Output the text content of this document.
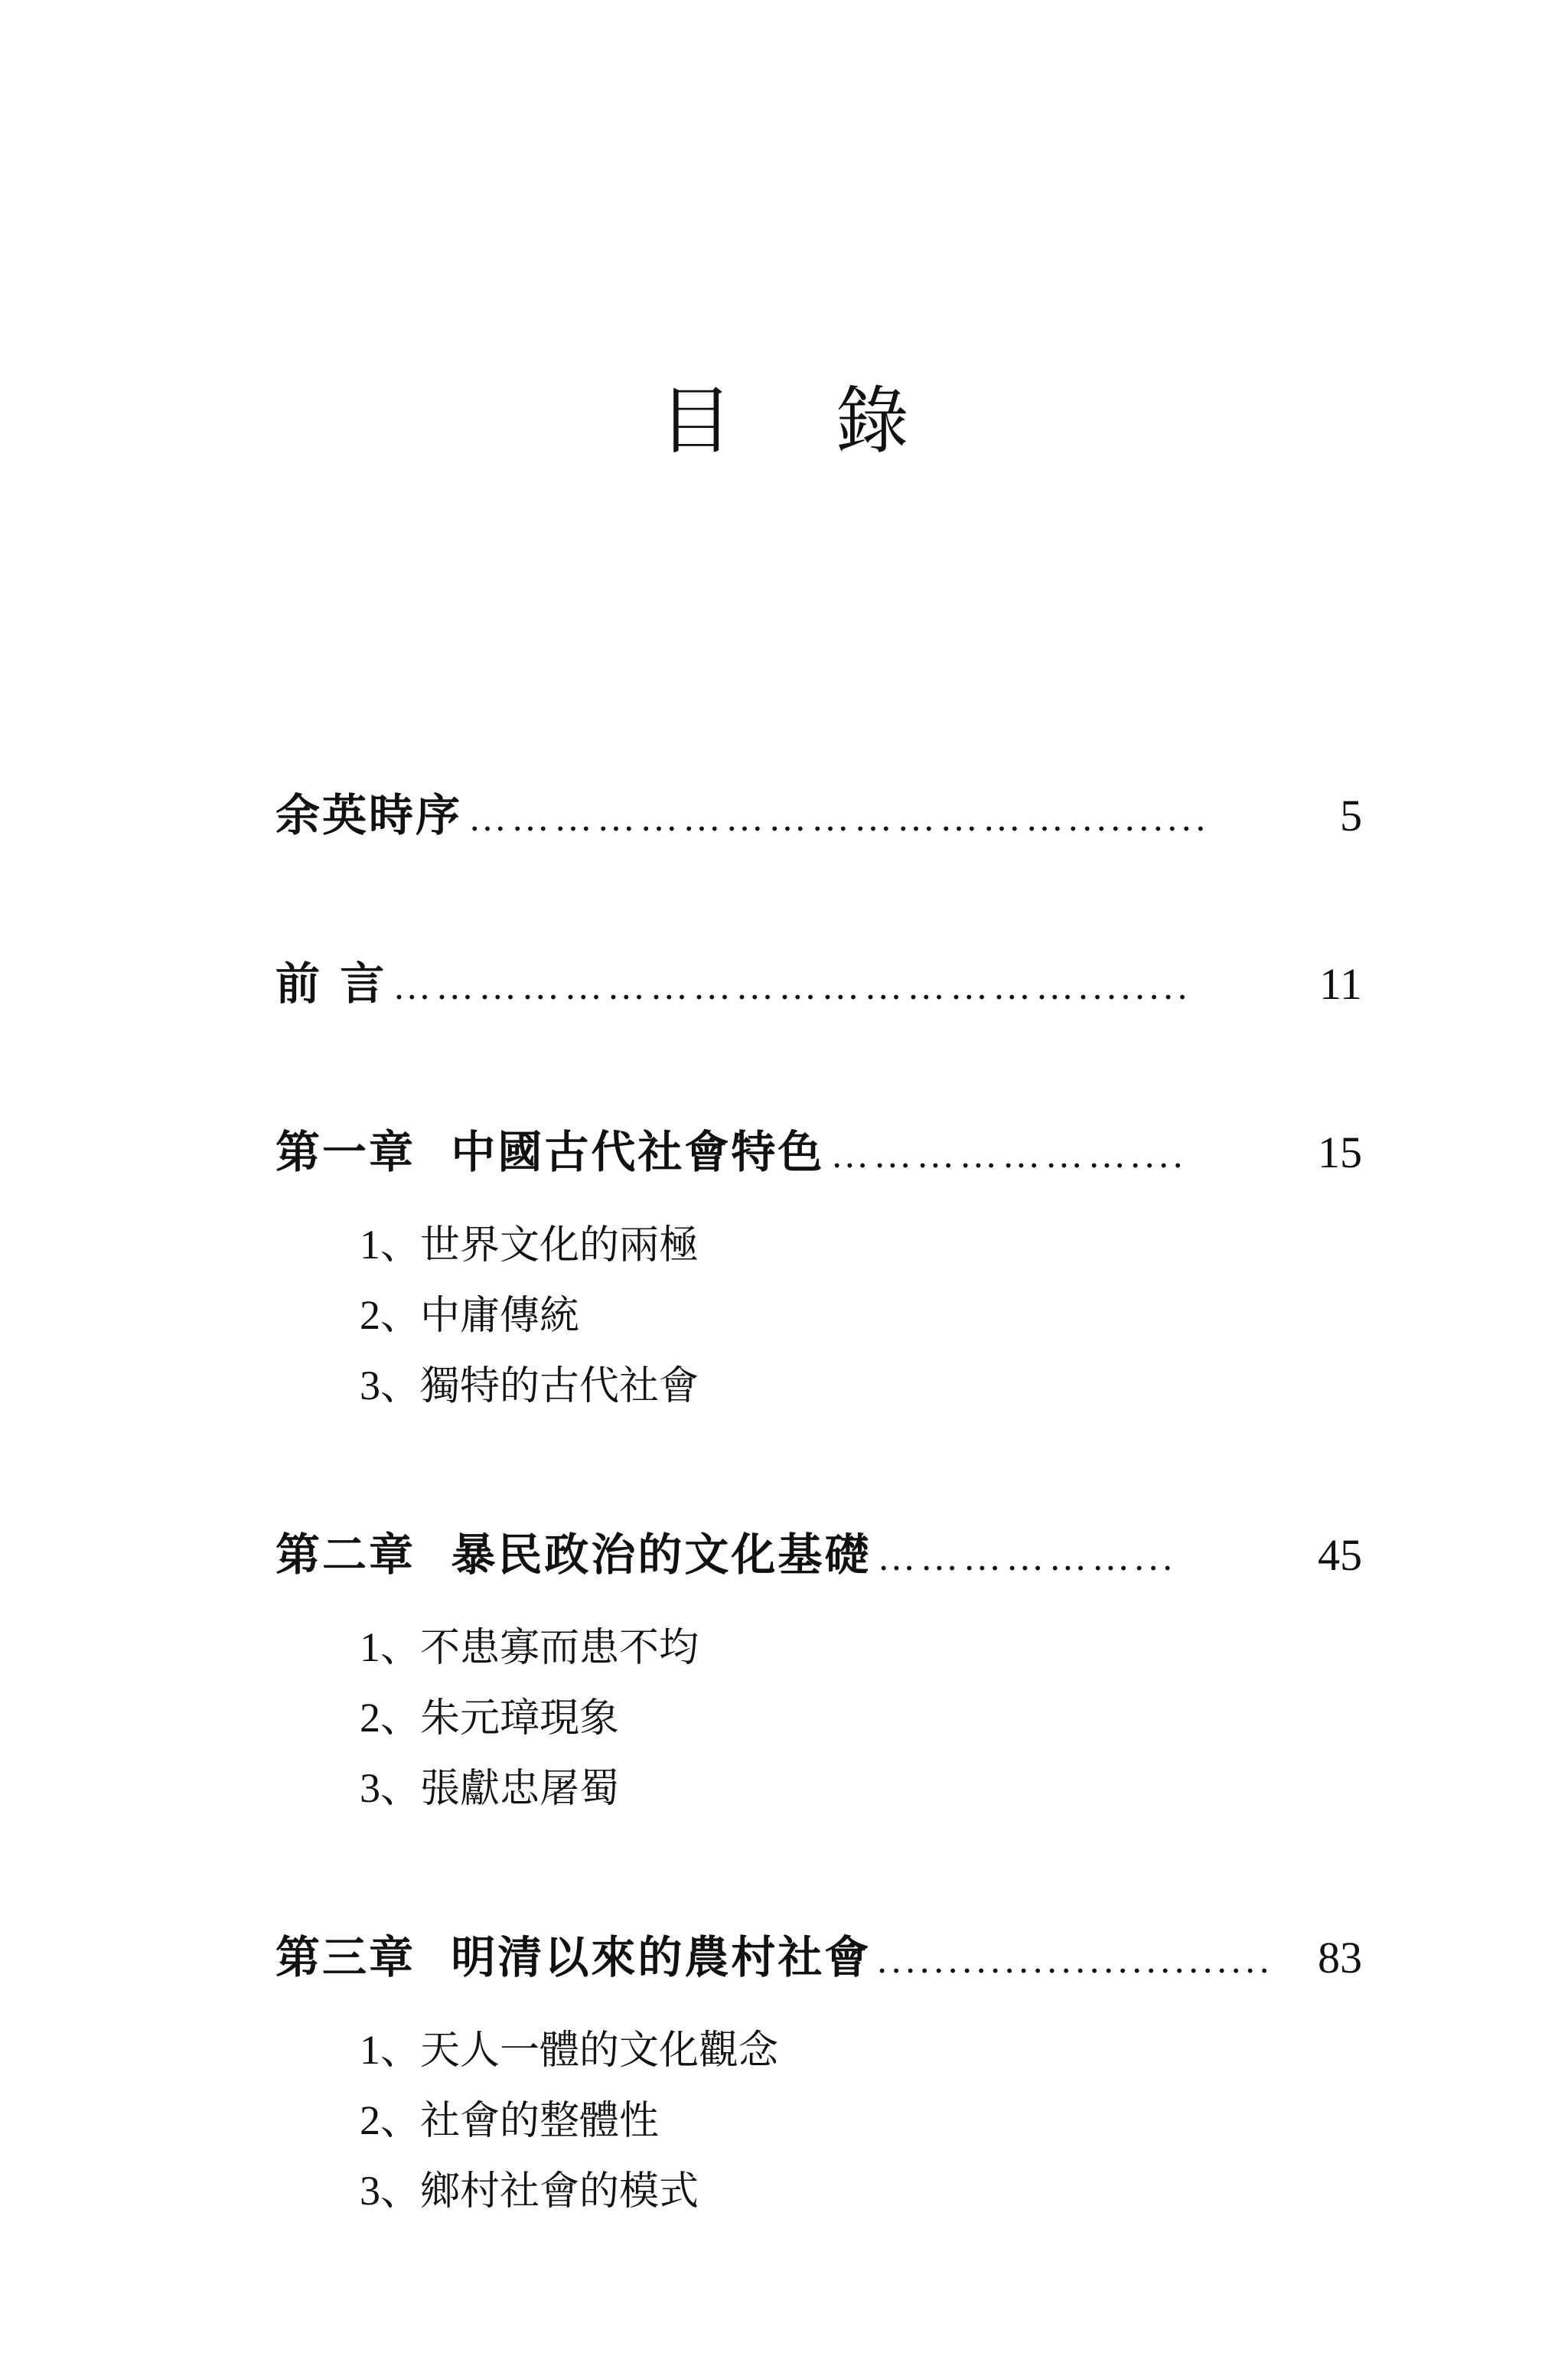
目 錄
余英時序 ……………………………………..........	5
前 言 …………………………………………........	11
第一章  中國古代社會特色 …………………....	15
1、世界文化的兩極
2、中庸傳統
3、獨特的古代社會
第二章  暴民政治的文化基礎 ………………...	45
1、不患寡而患不均
2、朱元璋現象
3、張獻忠屠蜀
第三章  明清以來的農村社會 ............................ 83
1、天人一體的文化觀念
2、社會的整體性
3、鄉村社會的模式
